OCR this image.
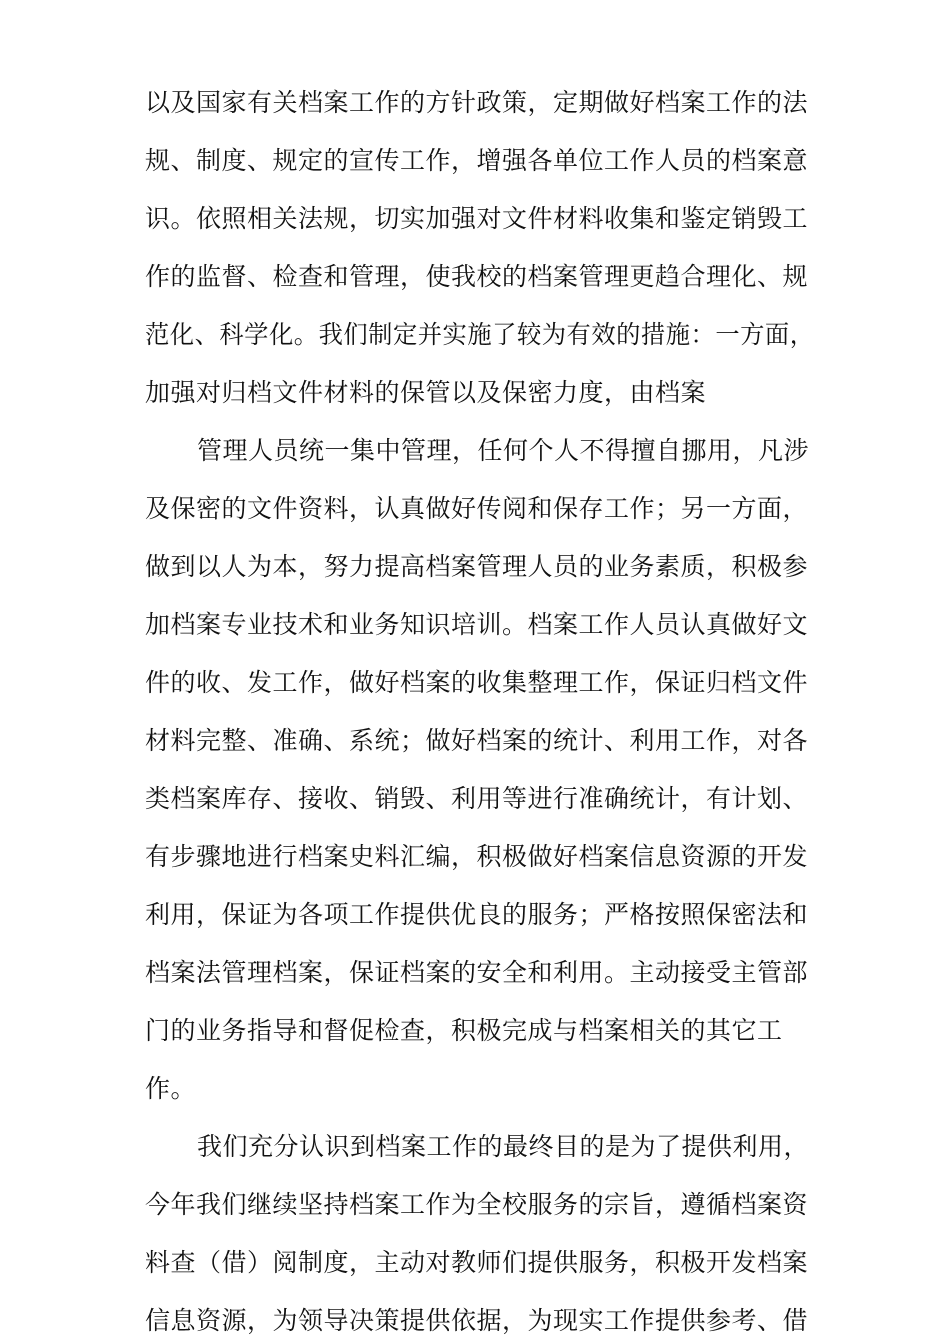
以及国家有关档案工作的方针政策，定期做好档案工作的法
规、制度、规定的宣传工作，增强各单位工作人员的档案意
识。依照相关法规，切实加强对文件材料收集和鉴定销毁工
作的监督、检查和管理，使我校的档案管理更趋合理化、规
范化、科学化。我们制定并实施了较为有效的措施：一方面，
加强对归档文件材料的保管以及保密力度，由档案
管理人员统一集中管理，任何个人不得擅自挪用，凡涉
及保密的文件资料，认真做好传阅和保存工作；另一方面，
做到以人为本，努力提高档案管理人员的业务素质，积极参
加档案专业技术和业务知识培训。档案工作人员认真做好文
件的收、发工作，做好档案的收集整理工作，保证归档文件
材料完整、准确、系统；做好档案的统计、利用工作，对各
类档案库存、接收、销毁、利用等进行准确统计，有计划、
有步骤地进行档案史料汇编，积极做好档案信息资源的开发
利用，保证为各项工作提供优良的服务；严格按照保密法和
档案法管理档案，保证档案的安全和利用。主动接受主管部
门的业务指导和督促检查，积极完成与档案相关的其它工
作。
我们充分认识到档案工作的最终目的是为了提供利用，
今年我们继续坚持档案工作为全校服务的宗旨，遵循档案资
料查（借）阅制度，主动对教师们提供服务，积极开发档案
信息资源，为领导决策提供依据，为现实工作提供参考、借
